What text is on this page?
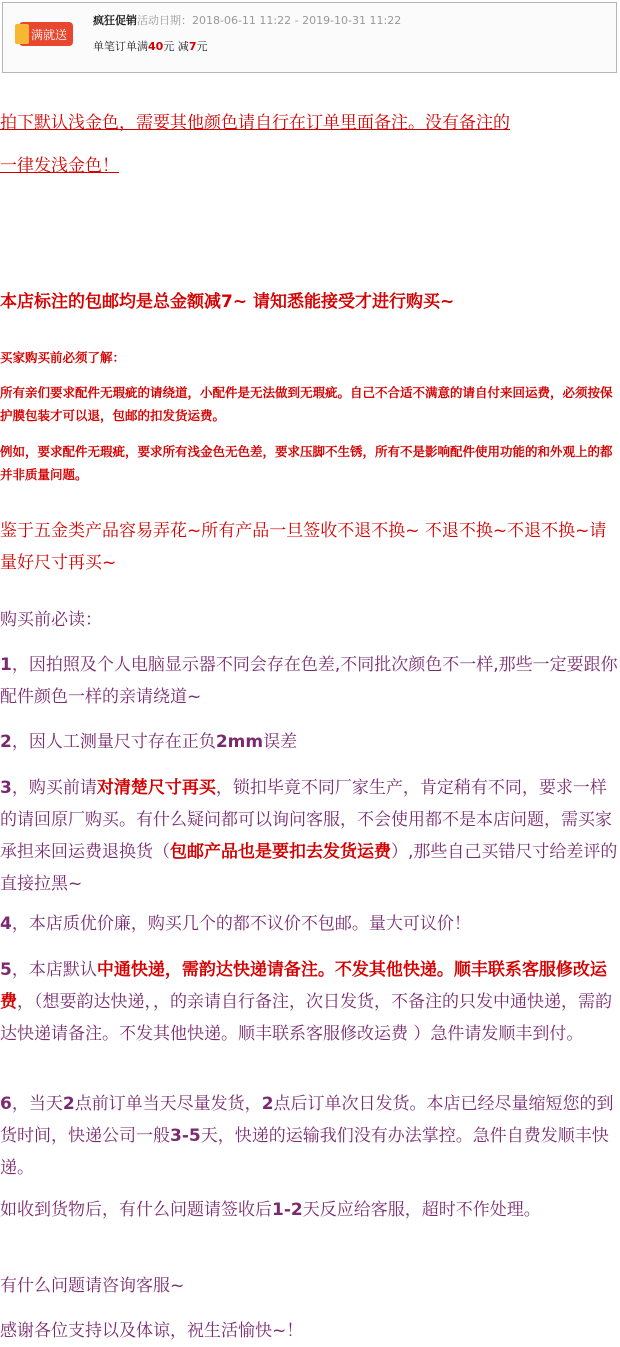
满就送
疯狂促销活动日期：2018-06-11 11:22 - 2019-10-31 11:22
单笔订单满40元 减7元
拍下默认浅金色，需要其他颜色请自行在订单里面备注。没有备注的
一律发浅金色！
本店标注的包邮均是总金额减7~ 请知悉能接受才进行购买~
买家购买前必须了解：
所有亲们要求配件无瑕疵的请绕道，小配件是无法做到无瑕疵。自己不合适不满意的请自付来回运费，必须按保护膜包装才可以退，包邮的扣发货运费。
例如，要求配件无瑕疵，要求所有浅金色无色差，要求压脚不生锈，所有不是影响配件使用功能的和外观上的都并非质量问题。
鉴于五金类产品容易弄花~所有产品一旦签收不退不换~ 不退不换~不退不换~请量好尺寸再买~
购买前必读：
1，因拍照及个人电脑显示器不同会存在色差,不同批次颜色不一样,那些一定要跟你配件颜色一样的亲请绕道~
2，因人工测量尺寸存在正负2mm误差
3，购买前请对清楚尺寸再买，锁扣毕竟不同厂家生产，肯定稍有不同，要求一样的请回原厂购买。有什么疑问都可以询问客服，不会使用都不是本店问题，需买家承担来回运费退换货（包邮产品也是要扣去发货运费）,那些自己买错尺寸给差评的直接拉黑~
4，本店质优价廉，购买几个的都不议价不包邮。量大可议价！
5，本店默认中通快递，需韵达快递请备注。不发其他快递。顺丰联系客服修改运费，（想要韵达快递，，的亲请自行备注，次日发货，不备注的只发中通快递，需韵达快递请备注。不发其他快递。顺丰联系客服修改运费 ）急件请发顺丰到付。
6，当天2点前订单当天尽量发货，2点后订单次日发货。本店已经尽量缩短您的到货时间，快递公司一般3-5天，快递的运输我们没有办法掌控。急件自费发顺丰快递。
如收到货物后，有什么问题请签收后1-2天反应给客服，超时不作处理。
有什么问题请咨询客服~
感谢各位支持以及体谅，祝生活愉快~！
